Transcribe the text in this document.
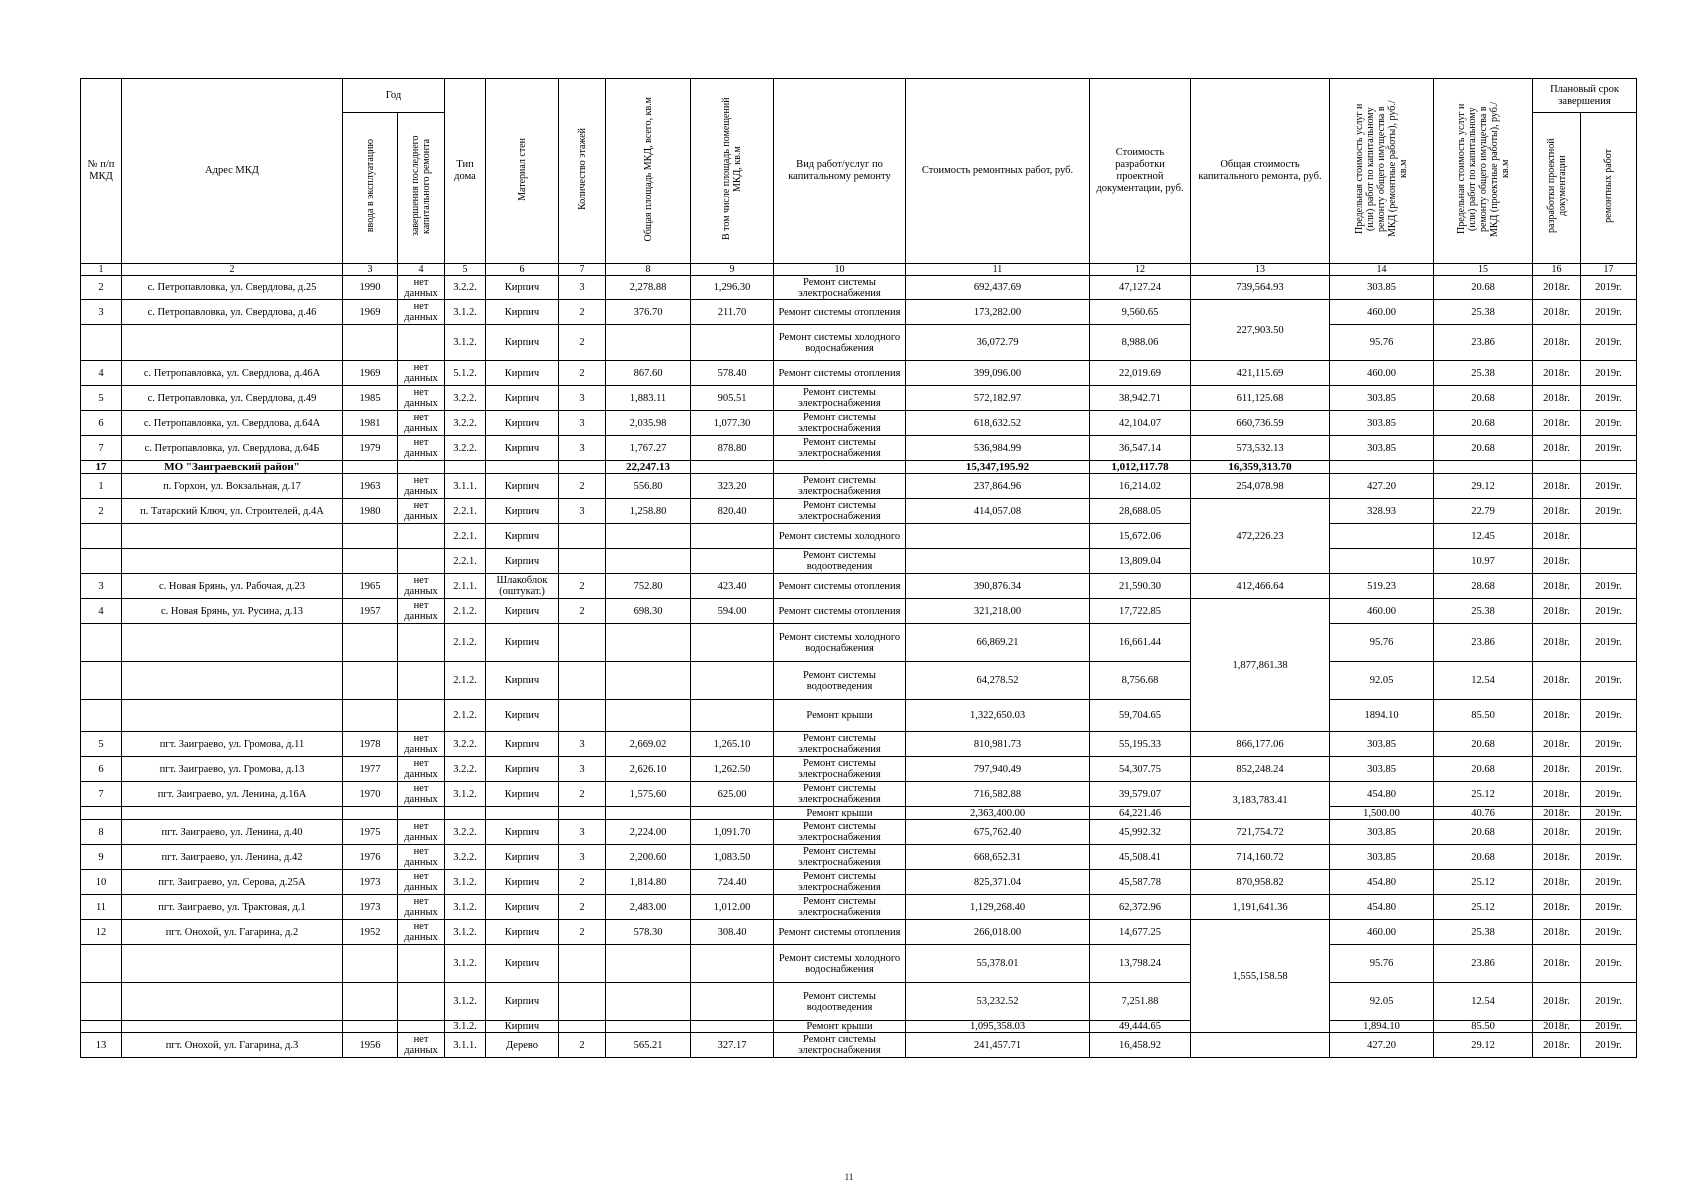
№ п/п МКД	Адрес МКД	Год		Тип дома	Материал стен	Количество этажей	Общая площадь МКД, всего, кв.м	В том числе площадь помещений МКД, кв.м	Вид работ/услуг по капитальному ремонту	Стоимость ремонтных работ, руб.	Стоимость разработки проектной документации, руб.	Общая стоимость капитального ремонта, руб.	Предельная стоимость услуг и (или) работ по капитальному ремонту общего имущества в МКД (ремонтные работы), руб./кв.м	Предельная стоимость услуг и (или) работ по капитальному ремонту общего имущества в МКД (проектные работы), руб./кв.м	Плановый срок завершения	
		ввода в эксплуатацию	завершения последнего капитального ремонта												разработки проектной документации	ремонтных работ
1	2	3	4	5	6	7	8	9	10	11	12	13	14	15	16	17
2	с. Петропавловка, ул. Свердлова, д.25	1990	нет данных	3.2.2.	Кирпич	3	2,278.88	1,296.30	Ремонт системы электроснабжения	692,437.69	47,127.24	739,564.93	303.85	20.68	2018г.	2019г.
3	с. Петропавловка, ул. Свердлова, д.46	1969	нет данных	3.1.2.	Кирпич	2	376.70	211.70	Ремонт системы отопления	173,282.00	9,560.65	227,903.50	460.00	25.38	2018г.	2019г.
				3.1.2.	Кирпич	2			Ремонт системы холодного водоснабжения	36,072.79	8,988.06		95.76	23.86	2018г.	2019г.
4	с. Петропавловка, ул. Свердлова, д.46А	1969	нет данных	5.1.2.	Кирпич	2	867.60	578.40	Ремонт системы отопления	399,096.00	22,019.69	421,115.69	460.00	25.38	2018г.	2019г.
5	с. Петропавловка, ул. Свердлова, д.49	1985	нет данных	3.2.2.	Кирпич	3	1,883.11	905.51	Ремонт системы электроснабжения	572,182.97	38,942.71	611,125.68	303.85	20.68	2018г.	2019г.
6	с. Петропавловка, ул. Свердлова, д.64А	1981	нет данных	3.2.2.	Кирпич	3	2,035.98	1,077.30	Ремонт системы электроснабжения	618,632.52	42,104.07	660,736.59	303.85	20.68	2018г.	2019г.
7	с. Петропавловка, ул. Свердлова, д.64Б	1979	нет данных	3.2.2.	Кирпич	3	1,767.27	878.80	Ремонт системы электроснабжения	536,984.99	36,547.14	573,532.13	303.85	20.68	2018г.	2019г.
17	МО "Заиграевский район"						22,247.13			15,347,195.92	1,012,117.78	16,359,313.70				
1	п. Горхон, ул. Вокзальная, д.17	1963	нет данных	3.1.1.	Кирпич	2	556.80	323.20	Ремонт системы электроснабжения	237,864.96	16,214.02	254,078.98	427.20	29.12	2018г.	2019г.
2	п. Татарский Ключ, ул. Строителей, д.4А	1980	нет данных	2.2.1.	Кирпич	3	1,258.80	820.40	Ремонт системы электроснабжения	414,057.08	28,688.05	472,226.23	328.93	22.79	2018г.	2019г.
				2.2.1.	Кирпич				Ремонт системы холодного		15,672.06			12.45	2018г.	
				2.2.1.	Кирпич				Ремонт системы водоотведения		13,809.04			10.97	2018г.	
3	с. Новая Брянь, ул. Рабочая, д.23	1965	нет данных	2.1.1.	Шлакоблок (оштукат.)	2	752.80	423.40	Ремонт системы отопления	390,876.34	21,590.30	412,466.64	519.23	28.68	2018г.	2019г.
4	с. Новая Брянь, ул. Русина, д.13	1957	нет данных	2.1.2.	Кирпич	2	698.30	594.00	Ремонт системы отопления	321,218.00	17,722.85	1,877,861.38	460.00	25.38	2018г.	2019г.
				2.1.2.	Кирпич				Ремонт системы холодного водоснабжения	66,869.21	16,661.44		95.76	23.86	2018г.	2019г.
				2.1.2.	Кирпич				Ремонт системы водоотведения	64,278.52	8,756.68		92.05	12.54	2018г.	2019г.
				2.1.2.	Кирпич				Ремонт крыши	1,322,650.03	59,704.65		1894.10	85.50	2018г.	2019г.
5	пгт. Заиграево, ул. Громова, д.11	1978	нет данных	3.2.2.	Кирпич	3	2,669.02	1,265.10	Ремонт системы электроснабжения	810,981.73	55,195.33	866,177.06	303.85	20.68	2018г.	2019г.
6	пгт. Заиграево, ул. Громова, д.13	1977	нет данных	3.2.2.	Кирпич	3	2,626.10	1,262.50	Ремонт системы электроснабжения	797,940.49	54,307.75	852,248.24	303.85	20.68	2018г.	2019г.
7	пгт. Заиграево, ул. Ленина, д.16А	1970	нет данных	3.1.2.	Кирпич	2	1,575.60	625.00	Ремонт системы электроснабжения	716,582.88	39,579.07	3,183,783.41	454.80	25.12	2018г.	2019г.
									Ремонт крыши	2,363,400.00	64,221.46		1,500.00	40.76	2018г.	2019г.
8	пгт. Заиграево, ул. Ленина, д.40	1975	нет данных	3.2.2.	Кирпич	3	2,224.00	1,091.70	Ремонт системы электроснабжения	675,762.40	45,992.32	721,754.72	303.85	20.68	2018г.	2019г.
9	пгт. Заиграево, ул. Ленина, д.42	1976	нет данных	3.2.2.	Кирпич	3	2,200.60	1,083.50	Ремонт системы электроснабжения	668,652.31	45,508.41	714,160.72	303.85	20.68	2018г.	2019г.
10	пгт. Заиграево, ул. Серова, д.25А	1973	нет данных	3.1.2.	Кирпич	2	1,814.80	724.40	Ремонт системы электроснабжения	825,371.04	45,587.78	870,958.82	454.80	25.12	2018г.	2019г.
11	пгт. Заиграево, ул. Трактовая, д.1	1973	нет данных	3.1.2.	Кирпич	2	2,483.00	1,012.00	Ремонт системы электроснабжения	1,129,268.40	62,372.96	1,191,641.36	454.80	25.12	2018г.	2019г.
12	пгт. Онохой, ул. Гагарина, д.2	1952	нет данных	3.1.2.	Кирпич	2	578.30	308.40	Ремонт системы отопления	266,018.00	14,677.25	1,555,158.58	460.00	25.38	2018г.	2019г.
				3.1.2.	Кирпич				Ремонт системы холодного водоснабжения	55,378.01	13,798.24		95.76	23.86	2018г.	2019г.
				3.1.2.	Кирпич				Ремонт системы водоотведения	53,232.52	7,251.88		92.05	12.54	2018г.	2019г.
				3.1.2.	Кирпич				Ремонт крыши	1,095,358.03	49,444.65		1,894.10	85.50	2018г.	2019г.
13	пгт. Онохой, ул. Гагарина, д.3	1956	нет данных	3.1.1.	Дерево	2	565.21	327.17	Ремонт системы электроснабжения	241,457.71	16,458.92		427.20	29.12	2018г.	2019г.
11
